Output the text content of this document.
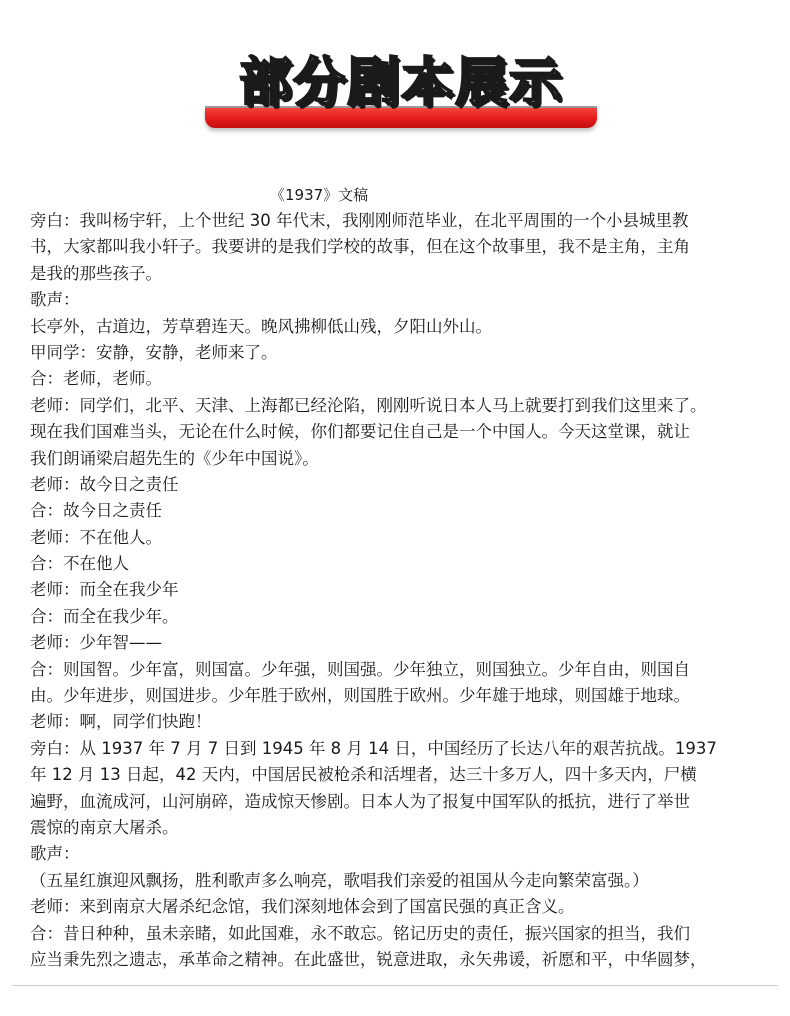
部分剧本展示
《1937》文稿
旁白：我叫杨宇轩，上个世纪 30 年代末，我刚刚师范毕业，在北平周围的一个小县城里教
书，大家都叫我小轩子。我要讲的是我们学校的故事，但在这个故事里，我不是主角，主角
是我的那些孩子。
歌声：
长亭外，古道边，芳草碧连天。晚风拂柳低山残，夕阳山外山。
甲同学：安静，安静，老师来了。
合：老师，老师。
老师：同学们，北平、天津、上海都已经沦陷，刚刚听说日本人马上就要打到我们这里来了。
现在我们国难当头，无论在什么时候，你们都要记住自己是一个中国人。今天这堂课，就让
我们朗诵梁启超先生的《少年中国说》。
老师：故今日之责任
合：故今日之责任
老师：不在他人。
合：不在他人
老师：而全在我少年
合：而全在我少年。
老师：少年智——
合：则国智。少年富，则国富。少年强，则国强。少年独立，则国独立。少年自由，则国自
由。少年进步，则国进步。少年胜于欧州，则国胜于欧州。少年雄于地球，则国雄于地球。
老师：啊，同学们快跑！
旁白：从 1937 年 7 月 7 日到 1945 年 8 月 14 日，中国经历了长达八年的艰苦抗战。1937
年 12 月 13 日起，42 天内，中国居民被枪杀和活埋者，达三十多万人，四十多天内，尸横
遍野，血流成河，山河崩碎，造成惊天惨剧。日本人为了报复中国军队的抵抗，进行了举世
震惊的南京大屠杀。
歌声：
（五星红旗迎风飘扬，胜利歌声多么响亮，歌唱我们亲爱的祖国从今走向繁荣富强。）
老师：来到南京大屠杀纪念馆，我们深刻地体会到了国富民强的真正含义。
合：昔日种种，虽未亲睹，如此国难，永不敢忘。铭记历史的责任，振兴国家的担当，我们
应当秉先烈之遗志，承革命之精神。在此盛世，锐意进取，永矢弗谖，祈愿和平，中华圆梦，
